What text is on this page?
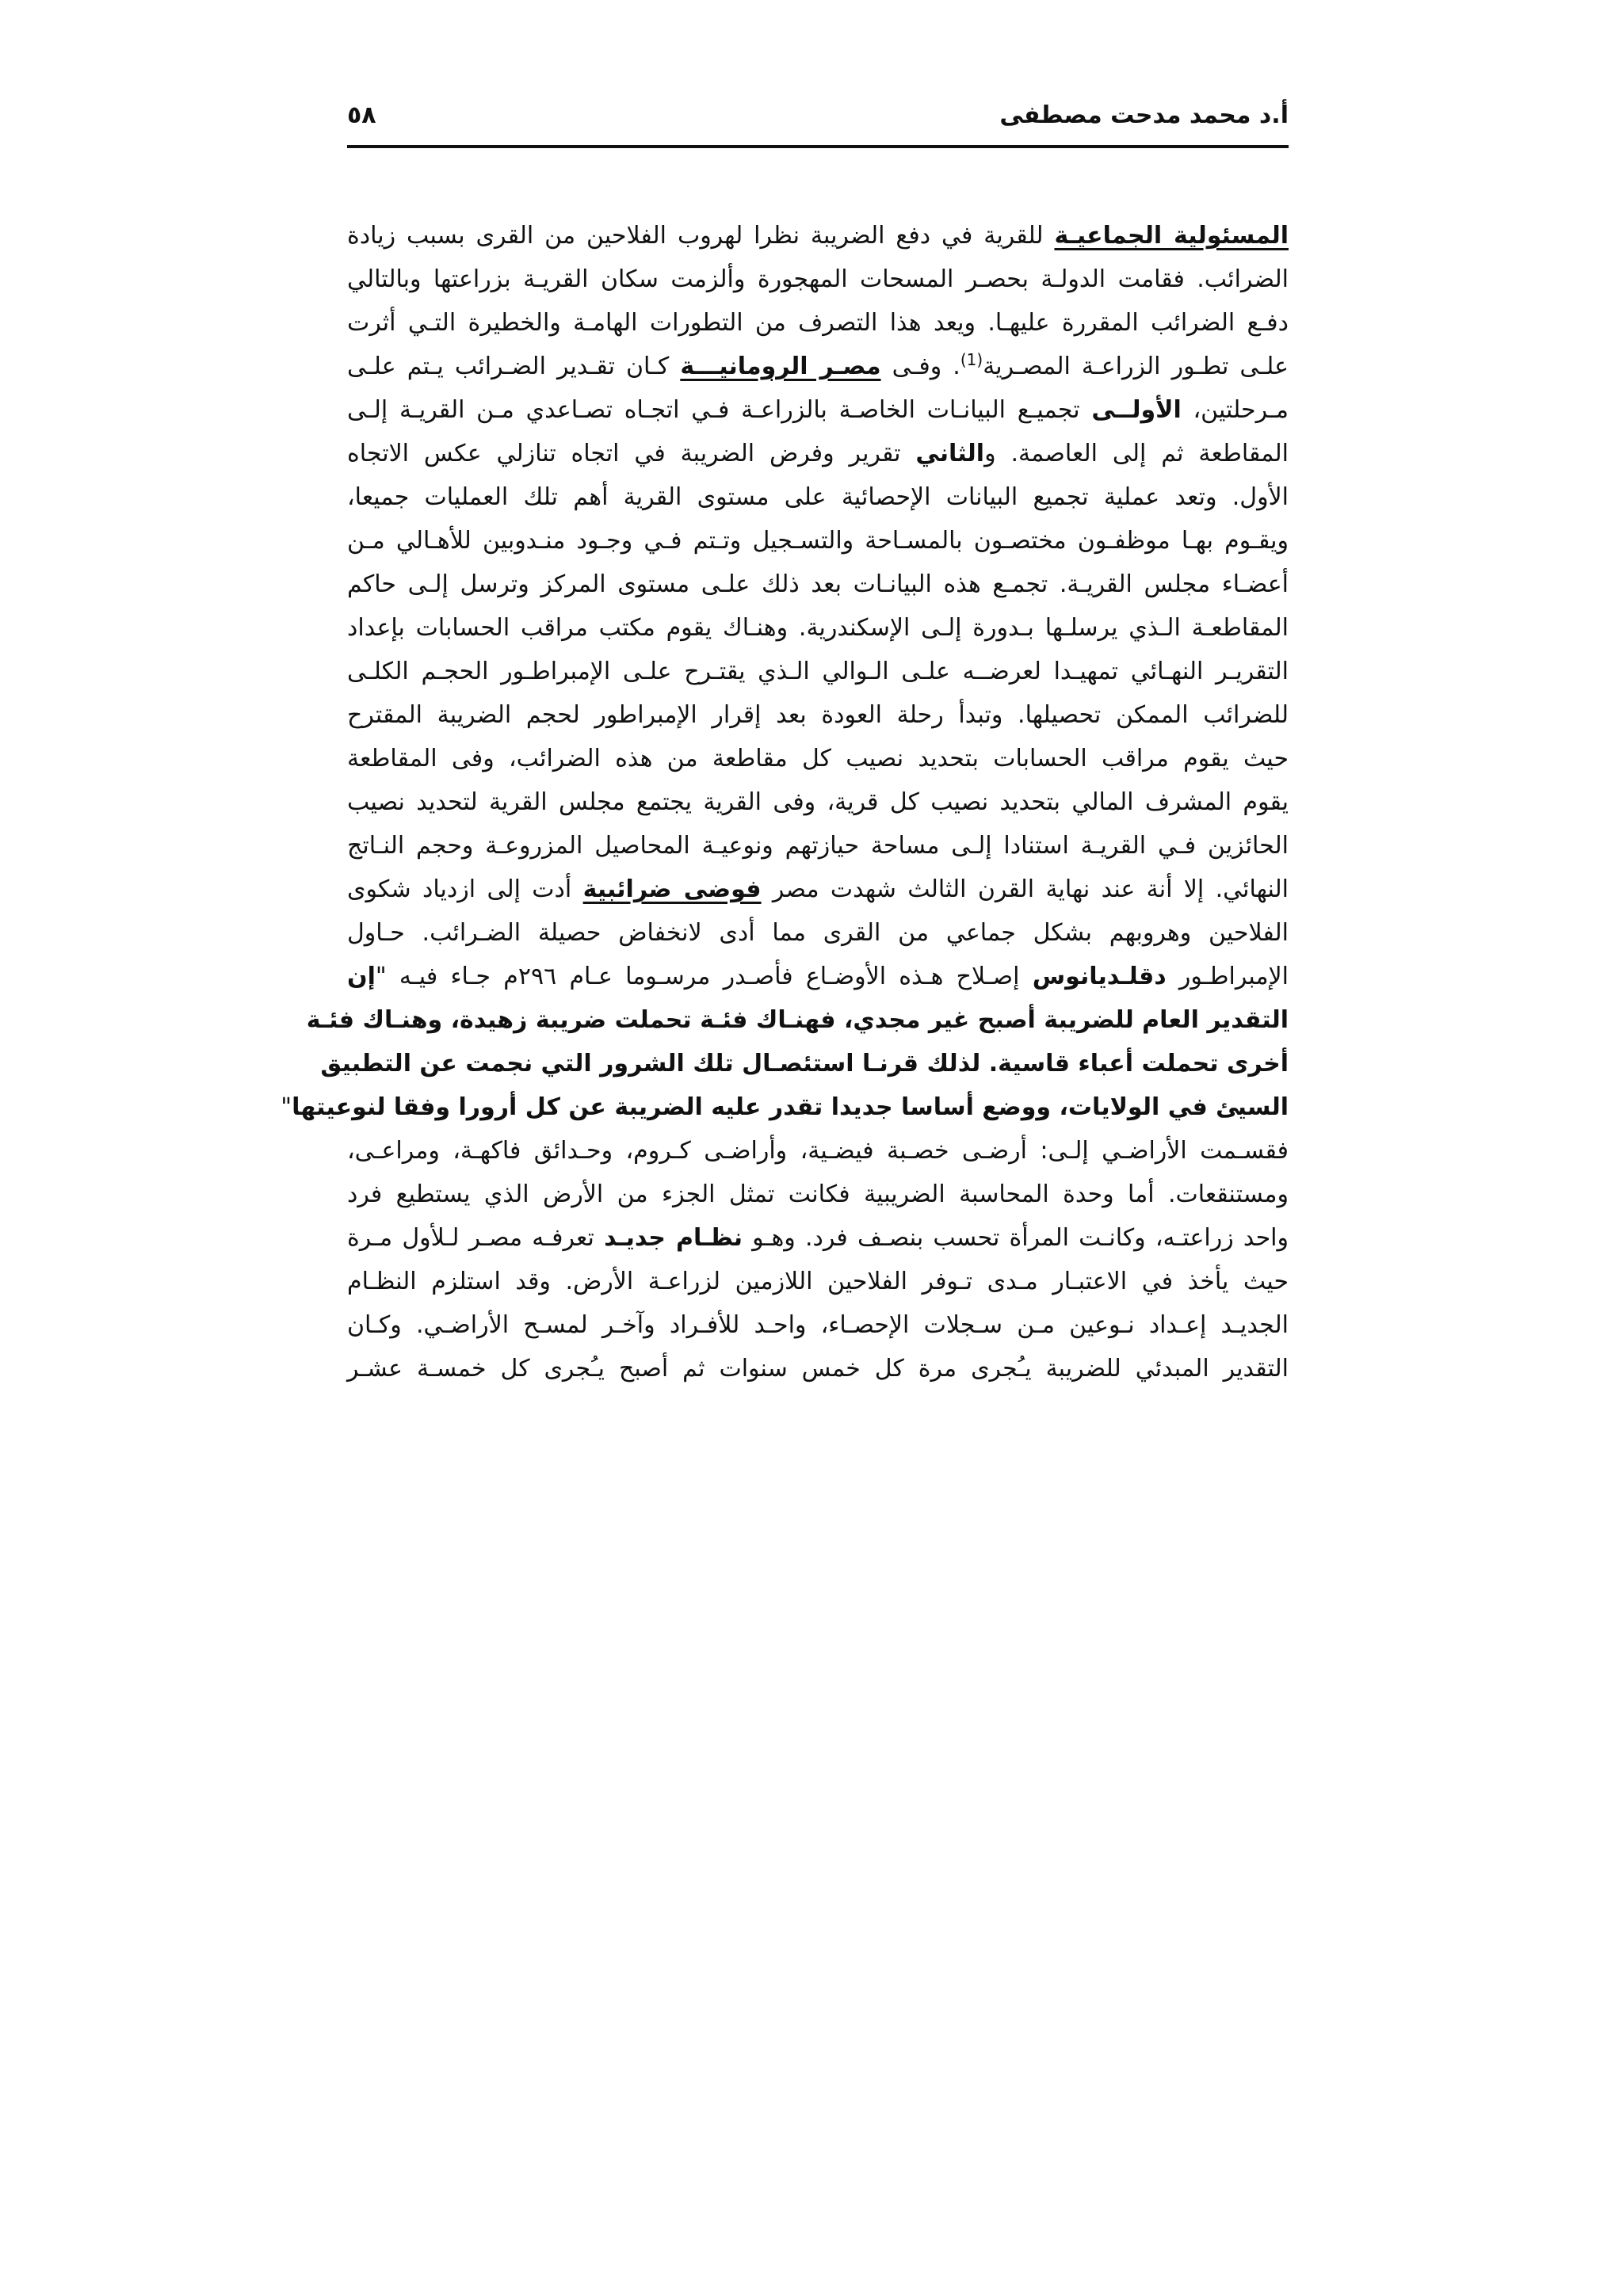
أ.د محمد مدحت مصطفى
٥٨
المسئولية الجماعيـة للقرية في دفع الضريبة نظرا لهروب الفلاحين من القرى بسبب زيادة
الضرائب. فقامت الدولـة بحصـر المسحات المهجورة وألزمت سكان القريـة بزراعتها وبالتالي
دفـع الضرائب المقررة عليهـا. ويعد هذا التصرف من التطورات الهامـة والخطيرة التـي أثرت
علـى تطـور الزراعـة المصـرية$^{(1)}$. وفـى مصـر الرومانيـــة كـان تقـدير الضـرائب يـتم علـى
مـرحلتين، الأولــى تجميـع البيانـات الخاصـة بالزراعـة فـي اتجـاه تصـاعدي مـن القريـة إلـى
المقاطعة ثم إلى العاصمة. والثاني تقرير وفرض الضريبة في اتجاه تنازلي عكس الاتجاه
الأول. وتعد عملية تجميع البيانات الإحصائية على مستوى القرية أهم تلك العمليات جميعا،
ويقـوم بهـا موظفـون مختصـون بالمسـاحة والتسـجيل وتـتم فـي وجـود منـدوبين للأهـالي مـن
أعضـاء مجلس القريـة. تجمـع هذه البيانـات بعد ذلك علـى مستوى المركز وترسل إلـى حاكم
المقاطعـة الـذي يرسلـها بـدورة إلـى الإسكندرية. وهنـاك يقوم مكتب مراقب الحسابات بإعداد
التقريـر النهـائي تمهيـدا لعرضــه علـى الـوالي الـذي يقتـرح علـى الإمبراطـور الحجـم الكلـى
للضرائب الممكن تحصيلها. وتبدأ رحلة العودة بعد إقرار الإمبراطور لحجم الضريبة المقترح
حيث يقوم مراقب الحسابات بتحديد نصيب كل مقاطعة من هذه الضرائب، وفى المقاطعة
يقوم المشرف المالي بتحديد نصيب كل قرية، وفى القرية يجتمع مجلس القرية لتحديد نصيب
الحائزين فـي القريـة استنادا إلـى مساحة حيازتهم ونوعيـة المحاصيل المزروعـة وحجم النـاتج
النهائي. إلا أنة عند نهاية القرن الثالث شهدت مصر فوضى ضرائبية أدت إلى ازدياد شكوى
الفلاحين وهروبهم بشكل جماعي من القرى مما أدى لانخفاض حصيلة الضـرائب. حـاول
الإمبراطـور دقلـديانوس إصـلاح هـذه الأوضـاع فأصـدر مرسـوما عـام ٢٩٦م جـاء فيـه "إن
التقدير العام للضريبة أصبح غير مجدي، فهنـاك فئـة تحملت ضريبة زهيدة، وهنـاك فئـة
أخرى تحملت أعباء قاسية. لذلك قرنـا استئصـال تلك الشرور التي نجمت عن التطبيق
السيئ في الولايات، ووضع أساسا جديدا تقدر عليه الضريبة عن كل أرورا وفقا لنوعيتها"
فقسـمت الأراضـي إلـى: أرضـى خصـبة فيضـية، وأراضـى كـروم، وحـدائق فاكهـة، ومراعـى،
ومستنقعات. أما وحدة المحاسبة الضريبية فكانت تمثل الجزء من الأرض الذي يستطيع فرد
واحد زراعتـه، وكانـت المرأة تحسب بنصـف فرد. وهـو نظـام جديـد تعرفـه مصـر لـلأول مـرة
حيث يأخذ في الاعتبـار مـدى تـوفر الفلاحين اللازمين لزراعـة الأرض. وقد استلزم النظـام
الجديـد إعـداد نـوعين مـن سـجلات الإحصـاء، واحـد للأفـراد وآخـر لمسـح الأراضـي. وكـان
التقدير المبدئي للضريبة يـُجرى مرة كل خمس سنوات ثم أصبح يـُجرى كل خمسـة عشـر
